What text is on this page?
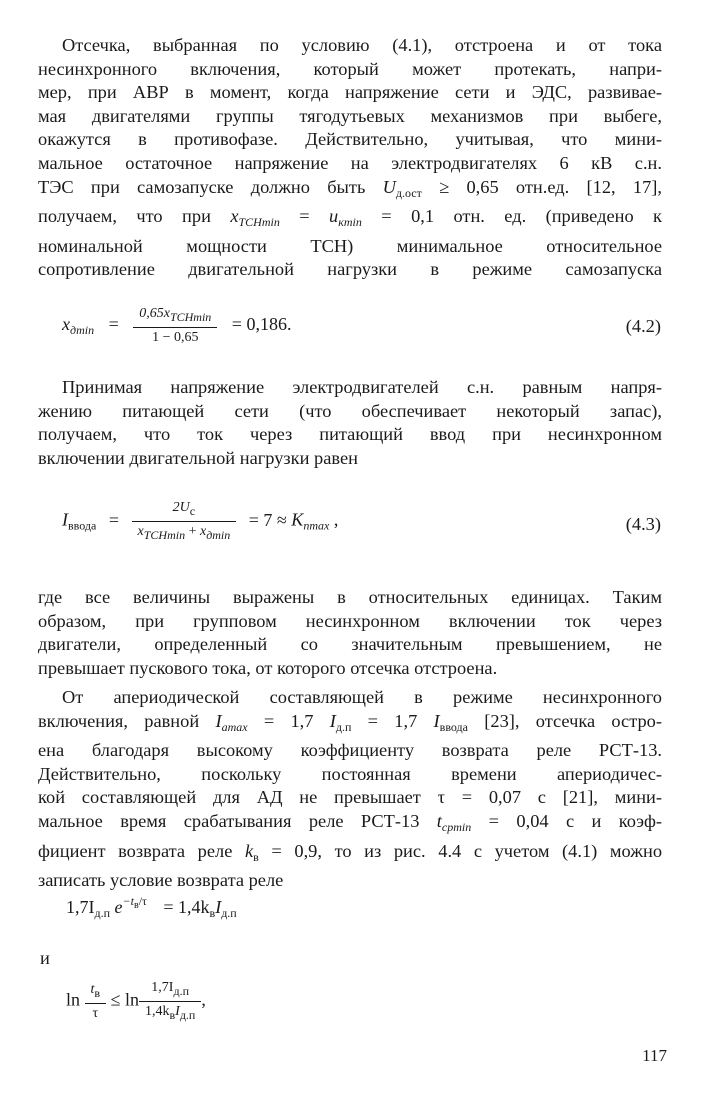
Отсечка, выбранная по условию (4.1), отстроена и от тока
несинхронного включения, который может протекать, напри-
мер, при АВР в момент, когда напряжение сети и ЭДС, развивае-
мая двигателями группы тягодутьевых механизмов при выбеге,
окажутся в противофазе. Действительно, учитывая, что мини-
мальное остаточное напряжение на электродвигателях 6 кВ с.н.
ТЭС при самозапуске должно быть $U_{д.ост} \ge 0,65$ отн.ед. [12, 17],
получаем, что при $x_{ТСНmin} = u_{кmin} = 0,1$ отн. ед. (приведено к
номинальной мощности ТСН) минимальное относительное
сопротивление двигательной нагрузки в режиме самозапуска
$x_{дmin} = \frac{0,65x_{ТСНmin}}{1 - 0,65} = 0,186$.	(4.2)
Принимая напряжение электродвигателей с.н. равным напря-
жению питающей сети (что обеспечивает некоторый запас),
получаем, что ток через питающий ввод при несинхронном
включении двигательной нагрузки равен
$I_{ввода} = \frac{2U_c}{x_{ТСНmin} + x_{дmin}} = 7 \approx K_{пmax}$ ,	(4.3)
где все величины выражены в относительных единицах. Таким
образом, при групповом несинхронном включении ток через
двигатели, определенный со значительным превышением, не
превышает пускового тока, от которого отсечка отстроена.
От апериодической составляющей в режиме несинхронного
включения, равной $I_{amax} = 1,7$ $I_{д.п} = 1,7$ $I_{ввода}$ [23], отсечка остро-
ена благодаря высокому коэффициенту возврата реле РСТ-13.
Действительно, поскольку постоянная времени апериодичес-
кой составляющей для АД не превышает τ = 0,07 с [21], мини-
мальное время срабатывания реле РСТ-13 $t_{срmin} = 0,04$ с и коэф-
фициент возврата реле $k_в = 0,9$, то из рис. 4.4 с учетом (4.1) можно
записать условие возврата реле
$1,7I_{д.п}$ $e^{-t_в/\tau} = 1,4k_вI_{д.п}$
и
$\ln \frac{t_в}{\tau} \le \ln \frac{1,7I_{д.п}}{1,4k_вI_{д.п}}$ ,
117
